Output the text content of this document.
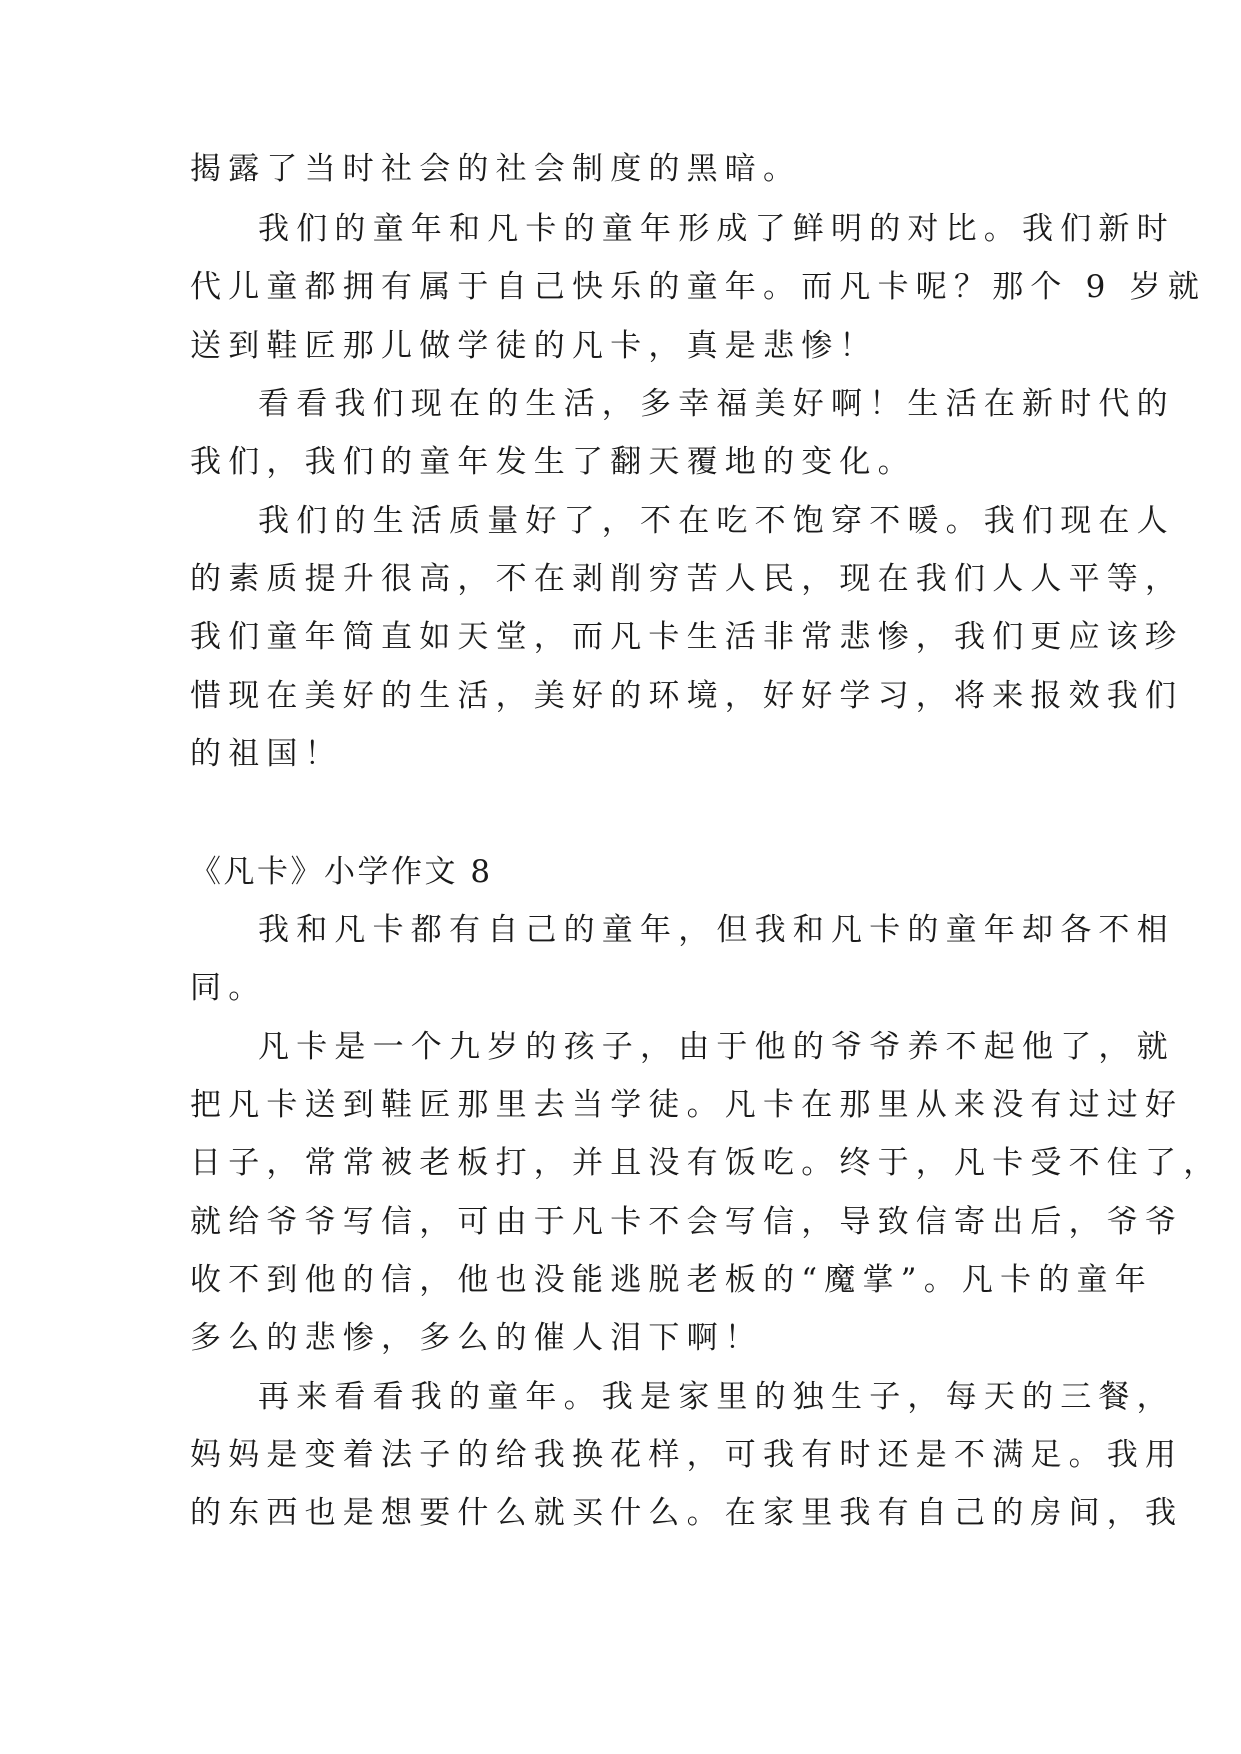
揭露了当时社会的社会制度的黑暗。
我们的童年和凡卡的童年形成了鲜明的对比。我们新时
代儿童都拥有属于自己快乐的童年。而凡卡呢？那个 9 岁就
送到鞋匠那儿做学徒的凡卡，真是悲惨！
看看我们现在的生活，多幸福美好啊！生活在新时代的
我们，我们的童年发生了翻天覆地的变化。
我们的生活质量好了，不在吃不饱穿不暖。我们现在人
的素质提升很高，不在剥削穷苦人民，现在我们人人平等，
我们童年简直如天堂，而凡卡生活非常悲惨，我们更应该珍
惜现在美好的生活，美好的环境，好好学习，将来报效我们
的祖国！
《凡卡》小学作文 8
我和凡卡都有自己的童年，但我和凡卡的童年却各不相
同。
凡卡是一个九岁的孩子，由于他的爷爷养不起他了，就
把凡卡送到鞋匠那里去当学徒。凡卡在那里从来没有过过好
日子，常常被老板打，并且没有饭吃。终于，凡卡受不住了，
就给爷爷写信，可由于凡卡不会写信，导致信寄出后，爷爷
收不到他的信，他也没能逃脱老板的“魔掌”。凡卡的童年
多么的悲惨，多么的催人泪下啊！
再来看看我的童年。我是家里的独生子，每天的三餐，
妈妈是变着法子的给我换花样，可我有时还是不满足。我用
的东西也是想要什么就买什么。在家里我有自己的房间，我
